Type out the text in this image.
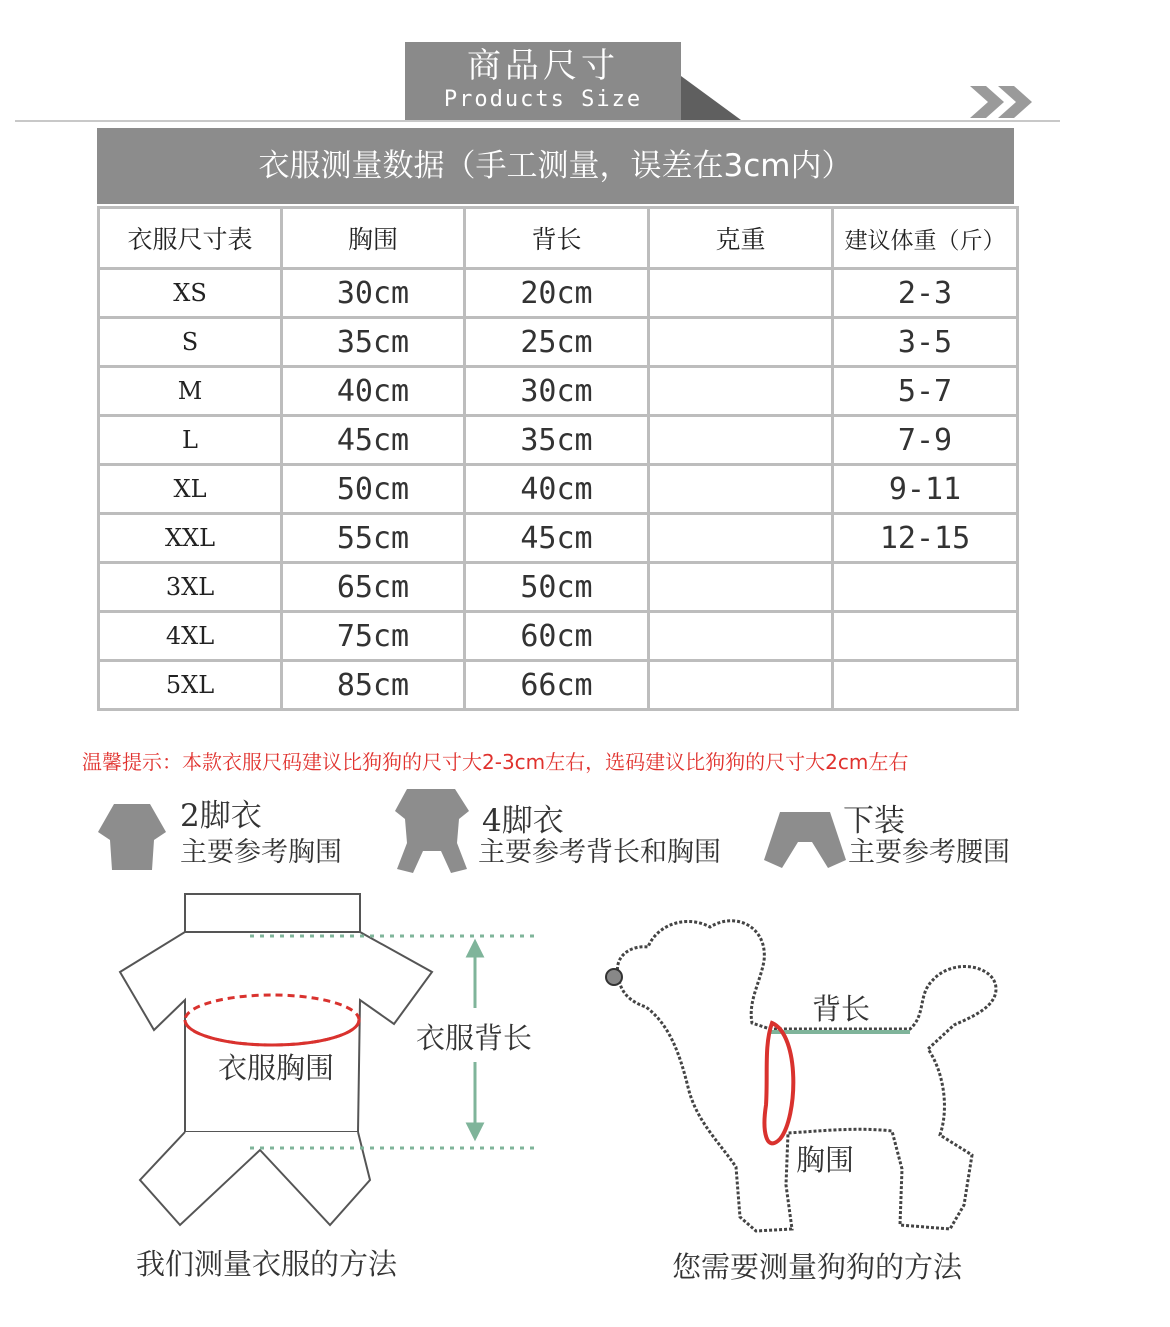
商品尺寸
Products Size
衣服测量数据（手工测量，误差在3cm内）
衣服尺寸表	胸围	背长	克重	建议体重（斤）
XS	30cm	20cm		2-3
S	35cm	25cm		3-5
M	40cm	30cm		5-7
L	45cm	35cm		7-9
XL	50cm	40cm		9-11
XXL	55cm	45cm		12-15
3XL	65cm	50cm		
4XL	75cm	60cm		
5XL	85cm	66cm		
温馨提示：本款衣服尺码建议比狗狗的尺寸大2-3cm左右，选码建议比狗狗的尺寸大2cm左右
2脚衣
主要参考胸围
4脚衣
主要参考背长和胸围
下装
主要参考腰围
衣服胸围
衣服背长
我们测量衣服的方法
背长
胸围
您需要测量狗狗的方法
